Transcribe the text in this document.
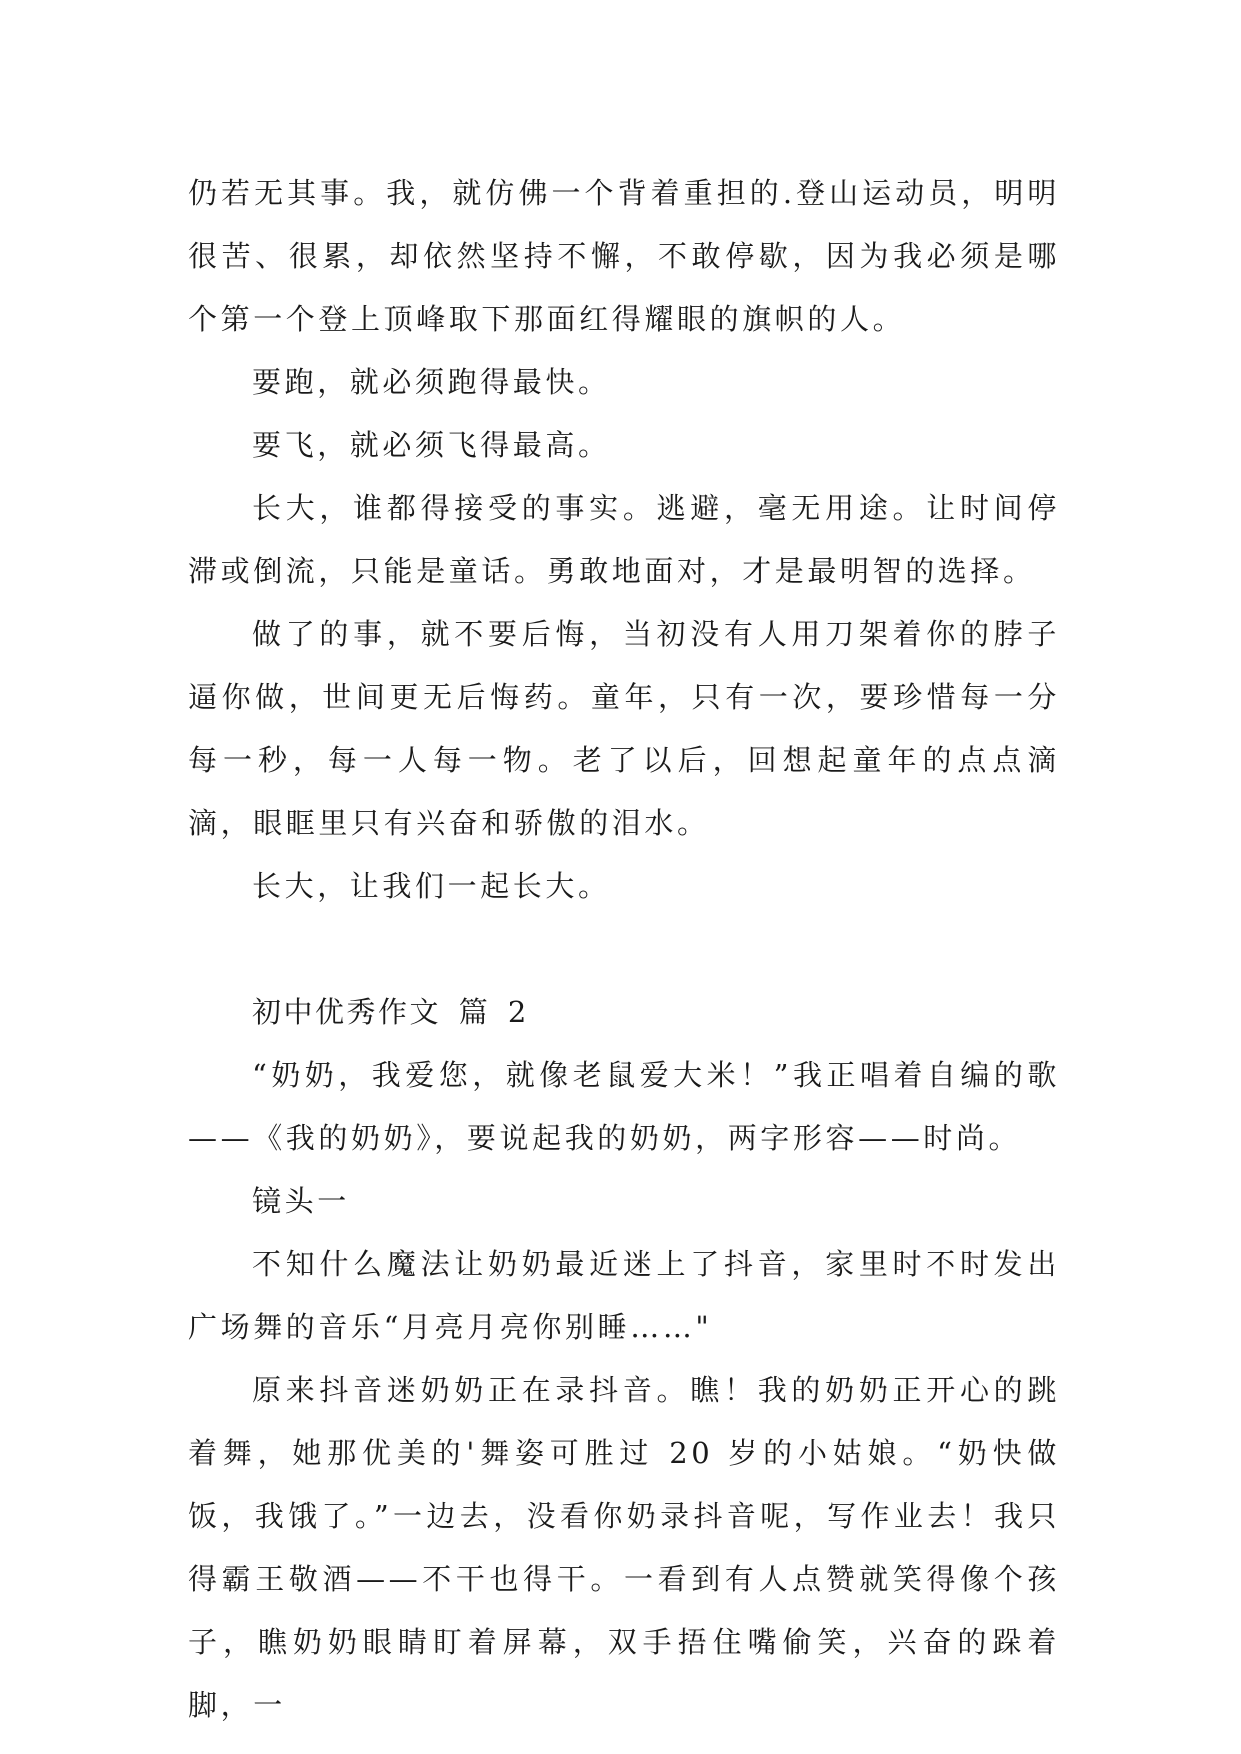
仍若无其事。我，就仿佛一个背着重担的.登山运动员，明明很苦、很累，却依然坚持不懈，不敢停歇，因为我必须是哪个第一个登上顶峰取下那面红得耀眼的旗帜的人。

要跑，就必须跑得最快。

要飞，就必须飞得最高。

长大，谁都得接受的事实。逃避，毫无用途。让时间停滞或倒流，只能是童话。勇敢地面对，才是最明智的选择。

做了的事，就不要后悔，当初没有人用刀架着你的脖子逼你做，世间更无后悔药。童年，只有一次，要珍惜每一分每一秒，每一人每一物。老了以后，回想起童年的点点滴滴，眼眶里只有兴奋和骄傲的泪水。

长大，让我们一起长大。

初中优秀作文 篇 2

“奶奶，我爱您，就像老鼠爱大米！”我正唱着自编的歌——《我的奶奶》，要说起我的奶奶，两字形容——时尚。

镜头一

不知什么魔法让奶奶最近迷上了抖音，家里时不时发出广场舞的音乐“月亮月亮你别睡……"

原来抖音迷奶奶正在录抖音。瞧！我的奶奶正开心的跳着舞，她那优美的'舞姿可胜过 20 岁的小姑娘。“奶快做饭，我饿了。”一边去，没看你奶录抖音呢，写作业去！我只得霸王敬酒——不干也得干。一看到有人点赞就笑得像个孩子，瞧奶奶眼睛盯着屏幕，双手捂住嘴偷笑，兴奋的跺着脚，一
